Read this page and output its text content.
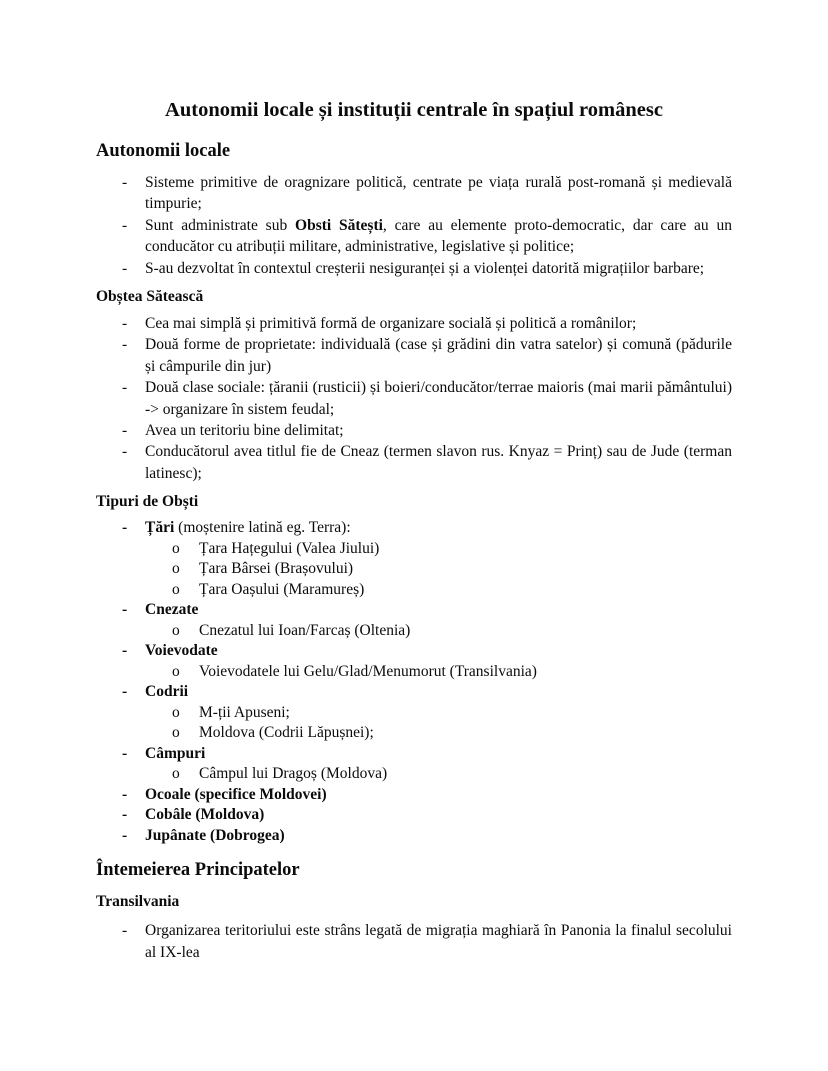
Autonomii locale și instituții centrale în spațiul românesc
Autonomii locale
-	Sisteme primitive de oragnizare politică, centrate pe viața rurală post-romană și medievală timpurie;
-	Sunt administrate sub Obsti Sătești, care au elemente proto-democratic, dar care au un conducător cu atribuții militare, administrative, legislative și politice;
-	S-au dezvoltat în contextul creșterii nesiguranței și a violenței datorită migrațiilor barbare;
Obștea Sătească
-	Cea mai simplă și primitivă formă de organizare socială și politică a românilor;
-	Două forme de proprietate: individuală (case și grădini din vatra satelor) și comună (pădurile și câmpurile din jur)
-	Două clase sociale: țăranii (rusticii) și boieri/conducător/terrae maioris (mai marii pământului) -> organizare în sistem feudal;
-	Avea un teritoriu bine delimitat;
-	Conducătorul avea titlul fie de Cneaz (termen slavon rus. Knyaz = Prinț) sau de Jude (terman latinesc);
Tipuri de Obști
-	Țări (moștenire latină eg. Terra):
o	Țara Hațegului (Valea Jiului)
o	Țara Bârsei (Brașovului)
o	Țara Oașului (Maramureș)
-	Cnezate
o	Cnezatul lui Ioan/Farcaș (Oltenia)
-	Voievodate
o	Voievodatele lui Gelu/Glad/Menumorut (Transilvania)
-	Codrii
o	M-ții Apuseni;
o	Moldova (Codrii Lăpușnei);
-	Câmpuri
o	Câmpul lui Dragoș (Moldova)
-	Ocoale (specifice Moldovei)
-	Cobâle (Moldova)
-	Jupânate (Dobrogea)
Întemeierea Principatelor
Transilvania
-	Organizarea teritoriului este strâns legată de migrația maghiară în Panonia la finalul secolului al IX-lea
